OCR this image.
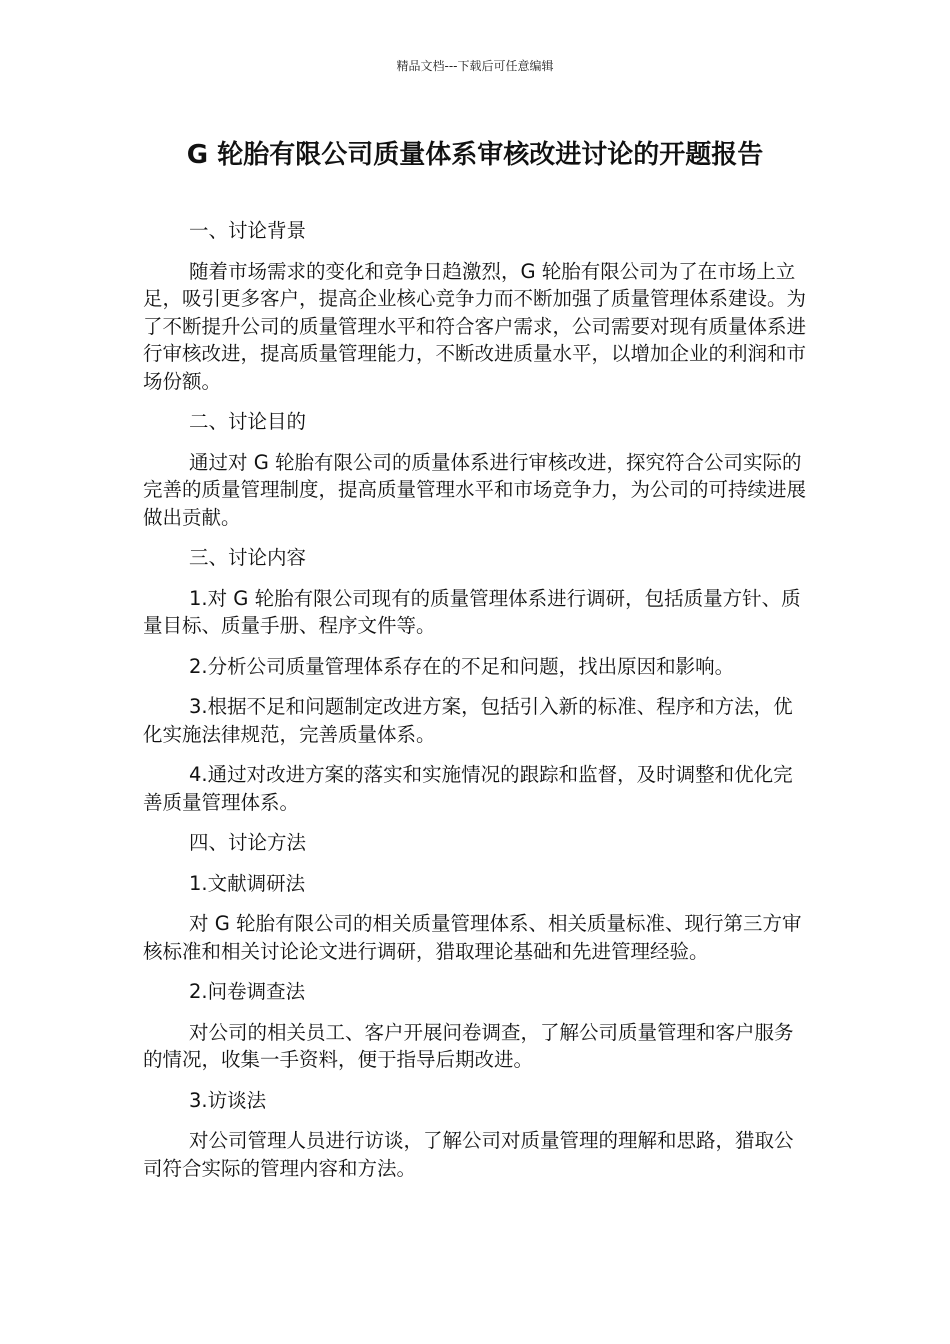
精品文档---下载后可任意编辑
G 轮胎有限公司质量体系审核改进讨论的开题报告

一、讨论背景

随着市场需求的变化和竞争日趋激烈，G 轮胎有限公司为了在市场上立足，吸引更多客户，提高企业核心竞争力而不断加强了质量管理体系建设。为了不断提升公司的质量管理水平和符合客户需求，公司需要对现有质量体系进行审核改进，提高质量管理能力，不断改进质量水平，以增加企业的利润和市场份额。

二、讨论目的

通过对 G 轮胎有限公司的质量体系进行审核改进，探究符合公司实际的完善的质量管理制度，提高质量管理水平和市场竞争力，为公司的可持续进展做出贡献。

三、讨论内容

1.对 G 轮胎有限公司现有的质量管理体系进行调研，包括质量方针、质量目标、质量手册、程序文件等。

2.分析公司质量管理体系存在的不足和问题，找出原因和影响。

3.根据不足和问题制定改进方案，包括引入新的标准、程序和方法，优化实施法律规范，完善质量体系。

4.通过对改进方案的落实和实施情况的跟踪和监督，及时调整和优化完善质量管理体系。

四、讨论方法

1.文献调研法

对 G 轮胎有限公司的相关质量管理体系、相关质量标准、现行第三方审核标准和相关讨论论文进行调研，猎取理论基础和先进管理经验。

2.问卷调查法

对公司的相关员工、客户开展问卷调查，了解公司质量管理和客户服务的情况，收集一手资料，便于指导后期改进。

3.访谈法

对公司管理人员进行访谈，了解公司对质量管理的理解和思路，猎取公司符合实际的管理内容和方法。
